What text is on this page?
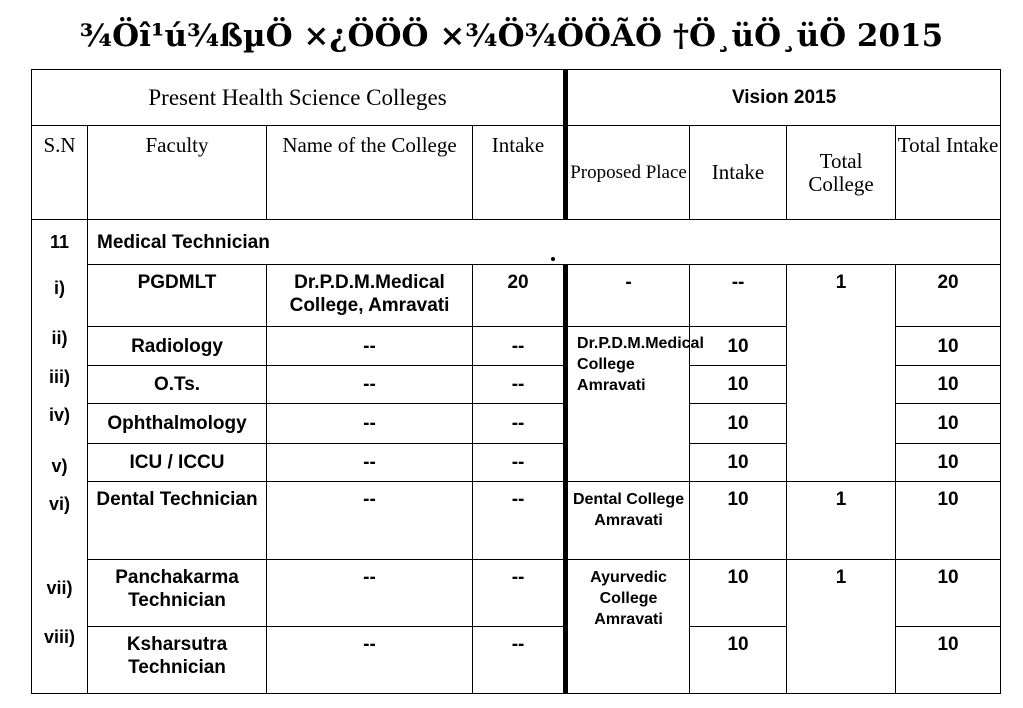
¾Öî¹ú¾ßµÖ ×¿ÖÖÖ ×¾Ö¾ÖÖÃÖ †Ö¸üÖ¸üÖ 2015
Present Health Science Colleges				Vision 2015			
S.N	Faculty	Name of the College	Intake	Proposed Place	Intake	Total College	Total Intake
11	Medical Technician						
i)	PGDMLT	Dr.P.D.M.Medical College, Amravati	20	-	--	1	20
ii)	Radiology	--	--	Dr.P.D.M.Medical College Amravati	10		10
iii)	O.Ts.	--	--		10		10
iv)	Ophthalmology	--	--		10		10
v)	ICU / ICCU	--	--		10		10
vi)	Dental Technician	--	--	Dental College Amravati	10	1	10
vii)	Panchakarma Technician	--	--	Ayurvedic College Amravati	10	1	10
viii)	Ksharsutra Technician	--	--		10		10
